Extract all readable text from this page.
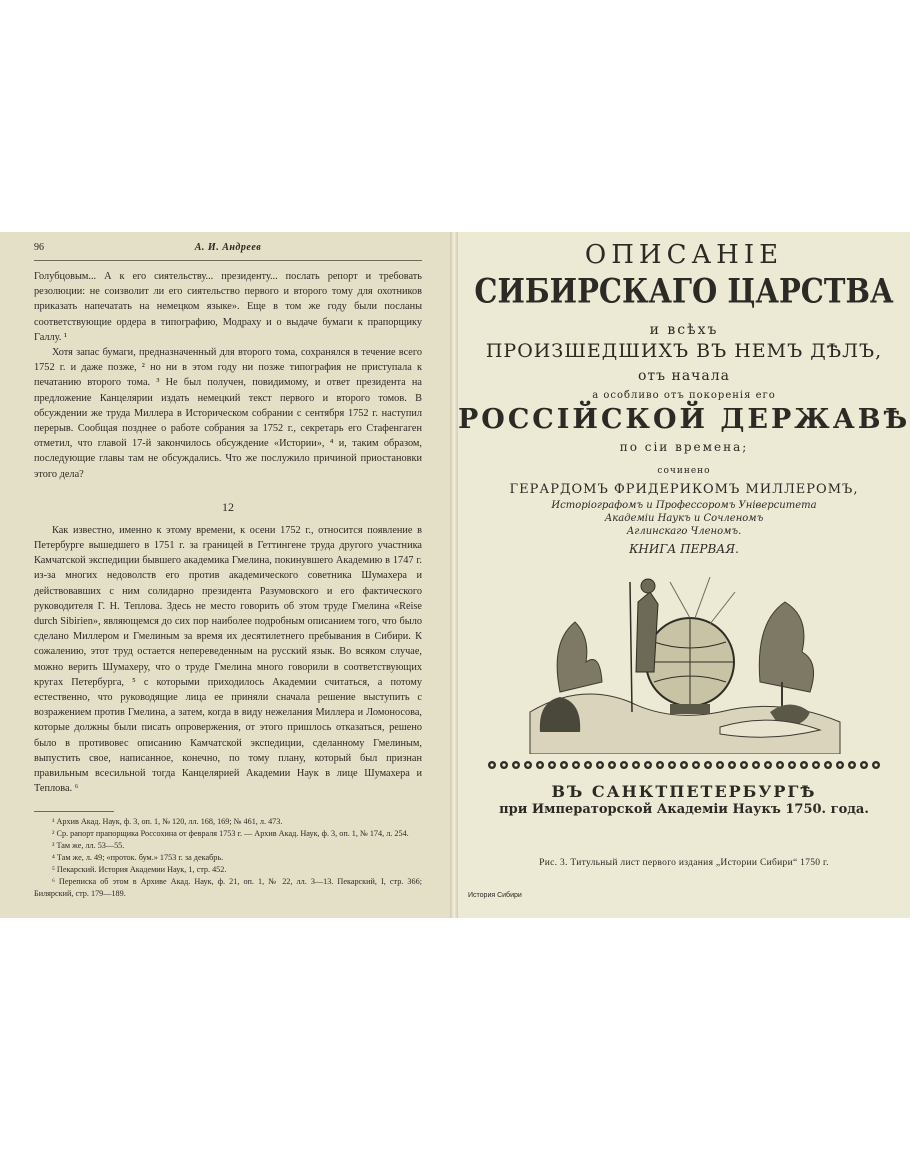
96	А. И. Андреев

Голубцовым... А к его сиятельству... президенту... послать репорт и требовать резолюции: не соизволит ли его сиятельство первого и второго тому для охотников приказать напечатать на немецком языке». Еще в том же году были посланы соответствующие ордера в типографию, Модраху и о выдаче бумаги к прапорщику Галлу. ¹

Хотя запас бумаги, предназначенный для второго тома, сохранялся в течение всего 1752 г. и даже позже, ² но ни в этом году ни позже типография не приступала к печатанию второго тома. ³ Не был получен, повидимому, и ответ президента на предложение Канцелярии издать немецкий текст первого и второго томов. В обсуждении же труда Миллера в Историческом собрании с сентября 1752 г. наступил перерыв. Сообщая позднее о работе собрания за 1752 г., секретарь его Стафенгаген отметил, что главой 17-й закончилось обсуждение «Истории», ⁴ и, таким образом, последующие главы там не обсуждались. Что же послужило причиной приостановки этого дела?

12

Как известно, именно к этому времени, к осени 1752 г., относится появление в Петербурге вышедшего в 1751 г. за границей в Геттингене труда другого участника Камчатской экспедиции бывшего академика Гмелина, покинувшего Академию в 1747 г. из-за многих недоволств его против академического советника Шумахера и действовавших с ним солидарно президента Разумовского и его фактического руководителя Г. Н. Теплова. Здесь не место говорить об этом труде Гмелина «Reise durch Sibirien», являющемся до сих пор наиболее подробным описанием того, что было сделано Миллером и Гмелиным за время их десятилетнего пребывания в Сибири. К сожалению, этот труд остается непереведенным на русский язык. Во всяком случае, можно верить Шумахеру, что о труде Гмелина много говорили в соответствующих кругах Петербурга, ⁵ с которыми приходилось Академии считаться, а потому естественно, что руководящие лица ее приняли сначала решение выступить с возражением против Гмелина, а затем, когда в виду нежелания Миллера и Ломоносова, которые должны были писать опровержения, от этого пришлось отказаться, решено было в противовес описанию Камчатской экспедиции, сделанному Гмелиным, выпустить свое, написанное, конечно, по тому плану, который был признан правильным всесильной тогда Канцелярией Академии Наук в лице Шумахера и Теплова. ⁶

¹ Архив Акад. Наук, ф. 3, оп. 1, № 120, лл. 168, 169; № 461, л. 473.

² Ср. рапорт прапорщика Россохина от февраля 1753 г. — Архив Акад. Наук, ф. 3, оп. 1, № 174, л. 254.

³ Там же, лл. 53—55.

⁴ Там же, л. 49; «проток. бум.» 1753 г. за декабрь.

⁵ Пекарский. История Академии Наук, 1, стр. 452.

⁶ Переписка об этом в Архиве Акад. Наук, ф. 21, оп. 1, № 22, лл. 3—13. Пекарский, I, стр. 366; Билярский, стр. 179—189.

ОПИСАНIЕ

СИБИРСКАГО ЦАРСТВА

и всѣхъ

ПРОИЗШЕДШИХЪ ВЪ НЕМЪ ДѢЛЪ,

отъ начала

а особливо отъ покоренiя его

РОССIЙСКОЙ ДЕРЖАВѢ

по сiи времена;

сочинено

ГЕРАРДОМЪ ФРИДЕРИКОМЪ МИЛЛЕРОМЪ,

Исторiографомъ и Профессоромъ Унiверситета

Академiи Наукъ и Сочленомъ

Аглинскаго Членомъ.

КНИГА ПЕРВАЯ.

ВЪ САНКТПЕТЕРБУРГѢ

при Императорской Академiи Наукъ 1750. года.

Рис. 3. Титульный лист первого издания „Истории Сибири“ 1750 г.

История Сибири
